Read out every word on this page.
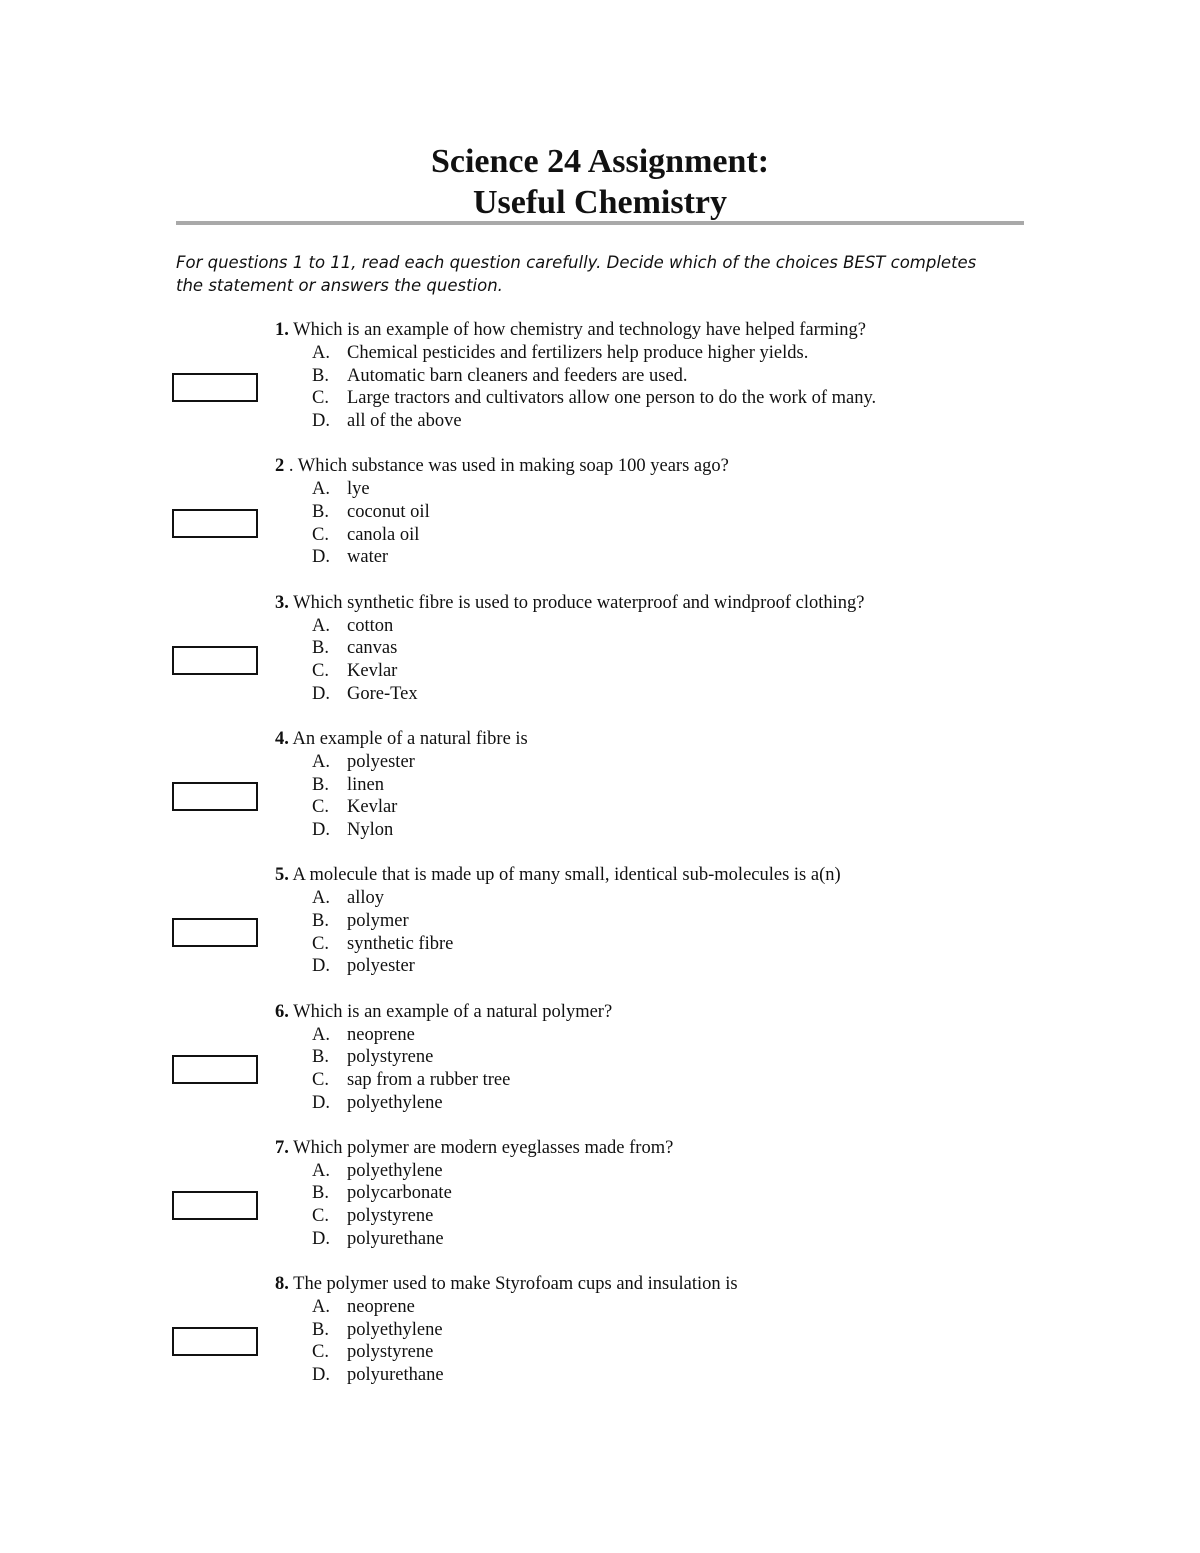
Science 24 Assignment:
Useful Chemistry

For questions 1 to 11, read each question carefully. Decide which of the choices BEST completes the statement or answers the question.

1. Which is an example of how chemistry and technology have helped farming?
A. Chemical pesticides and fertilizers help produce higher yields.
B. Automatic barn cleaners and feeders are used.
C. Large tractors and cultivators allow one person to do the work of many.
D. all of the above
2 . Which substance was used in making soap 100 years ago?
A. lye
B. coconut oil
C. canola oil
D. water
3. Which synthetic fibre is used to produce waterproof and windproof clothing?
A. cotton
B. canvas
C. Kevlar
D. Gore-Tex
4. An example of a natural fibre is
A. polyester
B. linen
C. Kevlar
D. Nylon
5. A molecule that is made up of many small, identical sub-molecules is a(n)
A. alloy
B. polymer
C. synthetic fibre
D. polyester
6. Which is an example of a natural polymer?
A. neoprene
B. polystyrene
C. sap from a rubber tree
D. polyethylene
7. Which polymer are modern eyeglasses made from?
A. polyethylene
B. polycarbonate
C. polystyrene
D. polyurethane
8. The polymer used to make Styrofoam cups and insulation is
A. neoprene
B. polyethylene
C. polystyrene
D. polyurethane
